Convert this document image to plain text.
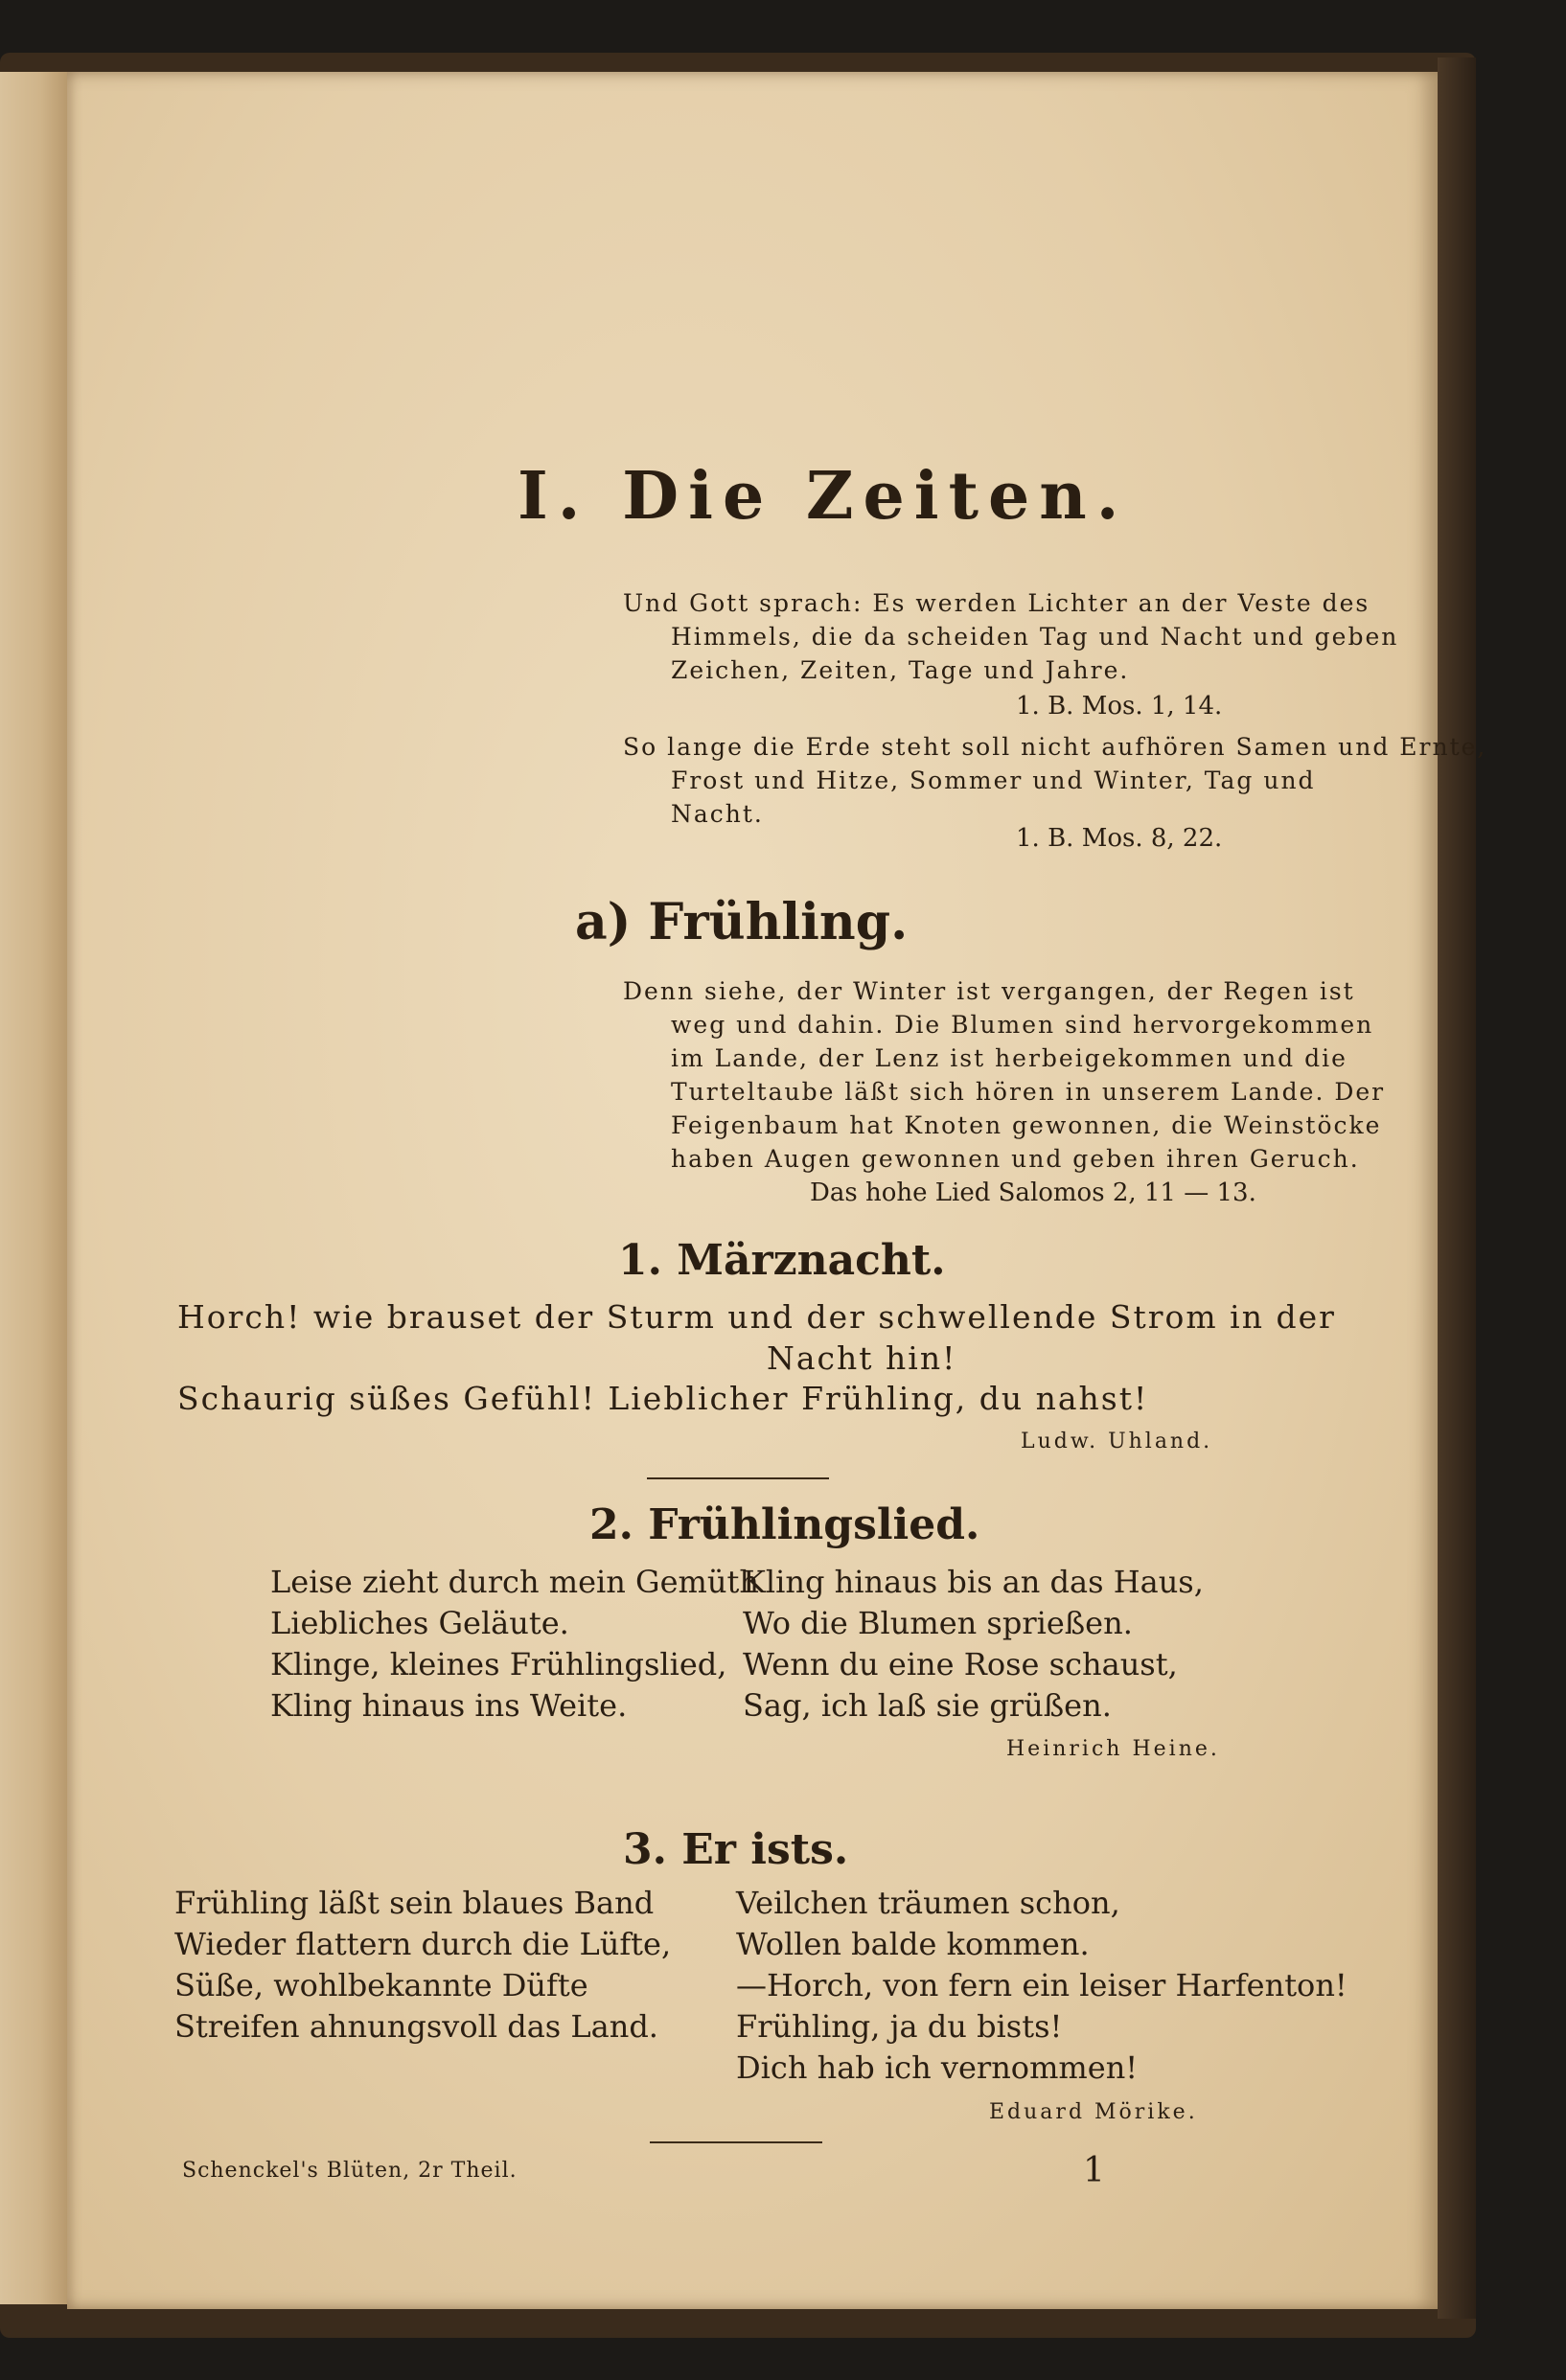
I. Die Zeiten.
Und Gott sprach: Es werden Lichter an der Veste des
Himmels, die da scheiden Tag und Nacht und geben
Zeichen, Zeiten, Tage und Jahre.
1. B. Mos. 1, 14.
So lange die Erde steht soll nicht aufhören Samen und Ernte,
Frost und Hitze, Sommer und Winter, Tag und
Nacht.
1. B. Mos. 8, 22.
a) Frühling.
Denn siehe, der Winter ist vergangen, der Regen ist
weg und dahin. Die Blumen sind hervorgekommen
im Lande, der Lenz ist herbeigekommen und die
Turteltaube läßt sich hören in unserem Lande. Der
Feigenbaum hat Knoten gewonnen, die Weinstöcke
haben Augen gewonnen und geben ihren Geruch.
Das hohe Lied Salomos 2, 11 — 13.
1. Märznacht.
Horch! wie brauset der Sturm und der schwellende Strom in der
Nacht hin!
Schaurig süßes Gefühl! Lieblicher Frühling, du nahst!
Ludw. Uhland.
2. Frühlingslied.
Leise zieht durch mein Gemüth
Liebliches Geläute.
Klinge, kleines Frühlingslied,
Kling hinaus ins Weite.
Kling hinaus bis an das Haus,
Wo die Blumen sprießen.
Wenn du eine Rose schaust,
Sag, ich laß sie grüßen.
Heinrich Heine.
3. Er ists.
Frühling läßt sein blaues Band
Wieder flattern durch die Lüfte,
Süße, wohlbekannte Düfte
Streifen ahnungsvoll das Land.
Veilchen träumen schon,
Wollen balde kommen.
—Horch, von fern ein leiser Harfenton!
Frühling, ja du bists!
Dich hab ich vernommen!
Eduard Mörike.
Schenckel's Blüten, 2r Theil.	1
